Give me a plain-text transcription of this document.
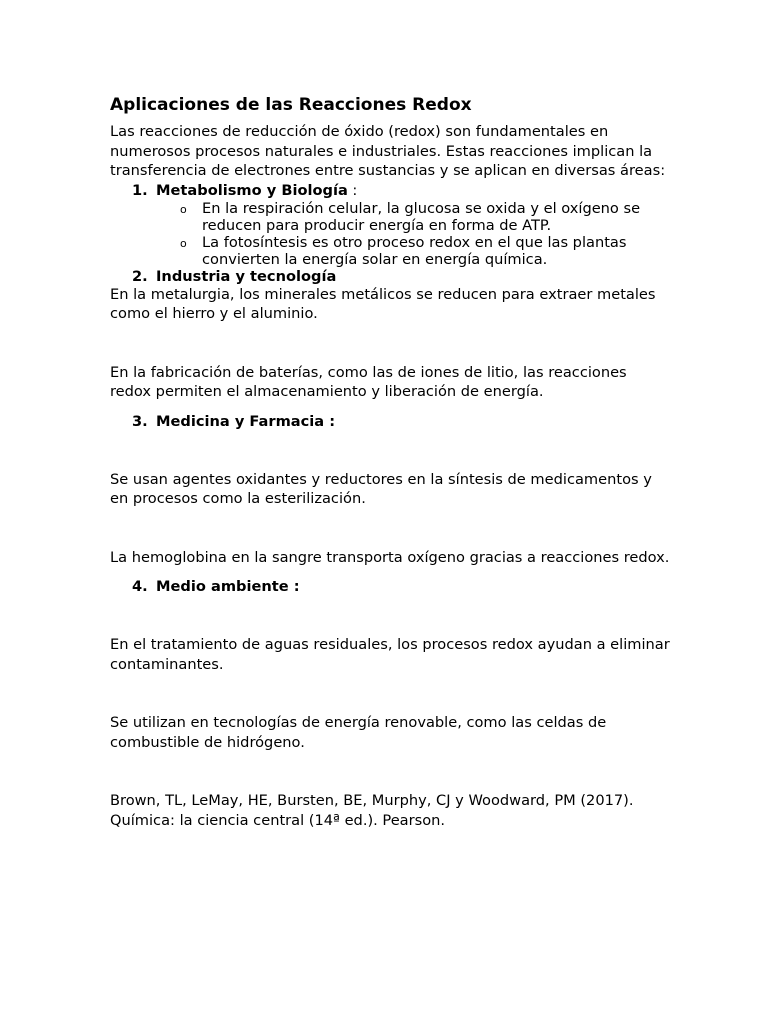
Aplicaciones de las Reacciones Redox

Las reacciones de reducción de óxido (redox) son fundamentales en numerosos procesos naturales e industriales. Estas reacciones implican la transferencia de electrones entre sustancias y se aplican en diversas áreas:

1. Metabolismo y Biología :
o En la respiración celular, la glucosa se oxida y el oxígeno se reducen para producir energía en forma de ATP.
o La fotosíntesis es otro proceso redox en el que las plantas convierten la energía solar en energía química.
2. Industria y tecnología

En la metalurgia, los minerales metálicos se reducen para extraer metales como el hierro y el aluminio.

En la fabricación de baterías, como las de iones de litio, las reacciones redox permiten el almacenamiento y liberación de energía.

3. Medicina y Farmacia :

Se usan agentes oxidantes y reductores en la síntesis de medicamentos y en procesos como la esterilización.

La hemoglobina en la sangre transporta oxígeno gracias a reacciones redox.

4. Medio ambiente :

En el tratamiento de aguas residuales, los procesos redox ayudan a eliminar contaminantes.

Se utilizan en tecnologías de energía renovable, como las celdas de combustible de hidrógeno.

Brown, TL, LeMay, HE, Bursten, BE, Murphy, CJ y Woodward, PM (2017). Química: la ciencia central (14ª ed.). Pearson.
